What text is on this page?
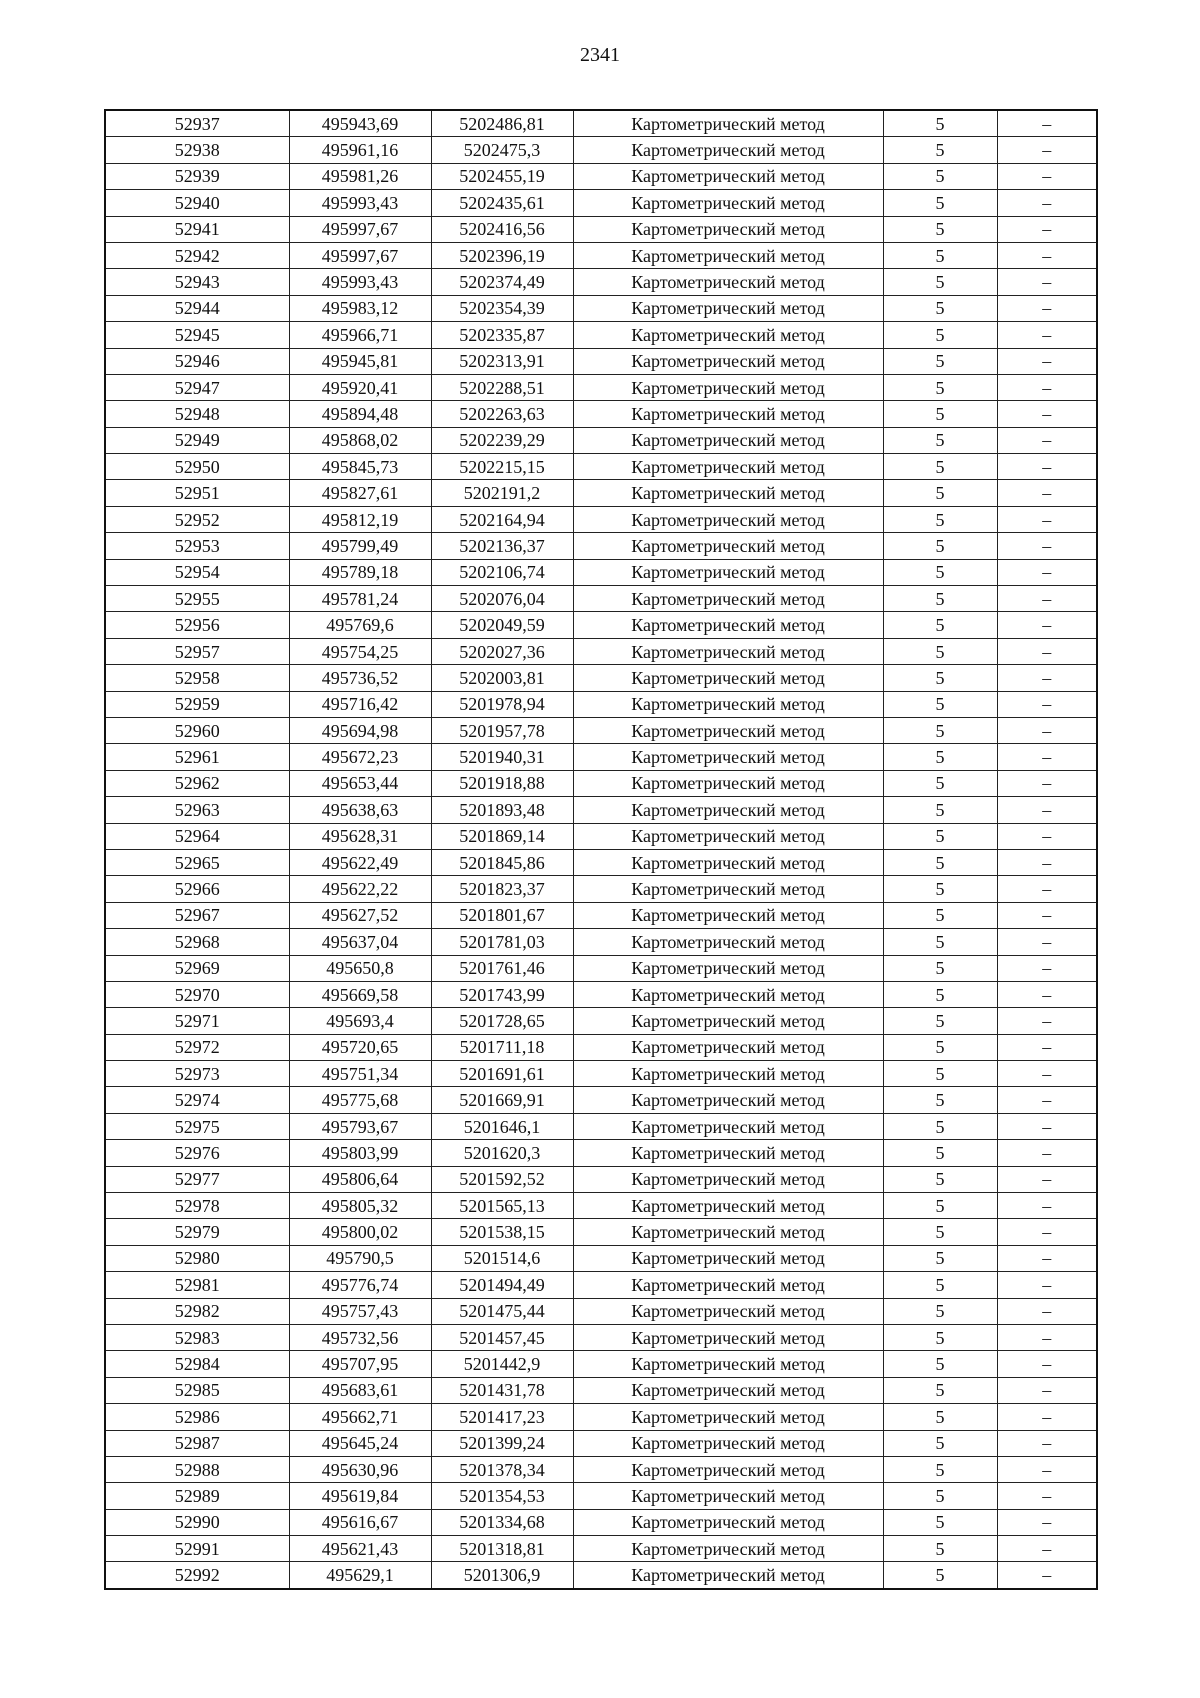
2341
52937	495943,69	5202486,81	Картометрический метод	5	–
52938	495961,16	5202475,3	Картометрический метод	5	–
52939	495981,26	5202455,19	Картометрический метод	5	–
52940	495993,43	5202435,61	Картометрический метод	5	–
52941	495997,67	5202416,56	Картометрический метод	5	–
52942	495997,67	5202396,19	Картометрический метод	5	–
52943	495993,43	5202374,49	Картометрический метод	5	–
52944	495983,12	5202354,39	Картометрический метод	5	–
52945	495966,71	5202335,87	Картометрический метод	5	–
52946	495945,81	5202313,91	Картометрический метод	5	–
52947	495920,41	5202288,51	Картометрический метод	5	–
52948	495894,48	5202263,63	Картометрический метод	5	–
52949	495868,02	5202239,29	Картометрический метод	5	–
52950	495845,73	5202215,15	Картометрический метод	5	–
52951	495827,61	5202191,2	Картометрический метод	5	–
52952	495812,19	5202164,94	Картометрический метод	5	–
52953	495799,49	5202136,37	Картометрический метод	5	–
52954	495789,18	5202106,74	Картометрический метод	5	–
52955	495781,24	5202076,04	Картометрический метод	5	–
52956	495769,6	5202049,59	Картометрический метод	5	–
52957	495754,25	5202027,36	Картометрический метод	5	–
52958	495736,52	5202003,81	Картометрический метод	5	–
52959	495716,42	5201978,94	Картометрический метод	5	–
52960	495694,98	5201957,78	Картометрический метод	5	–
52961	495672,23	5201940,31	Картометрический метод	5	–
52962	495653,44	5201918,88	Картометрический метод	5	–
52963	495638,63	5201893,48	Картометрический метод	5	–
52964	495628,31	5201869,14	Картометрический метод	5	–
52965	495622,49	5201845,86	Картометрический метод	5	–
52966	495622,22	5201823,37	Картометрический метод	5	–
52967	495627,52	5201801,67	Картометрический метод	5	–
52968	495637,04	5201781,03	Картометрический метод	5	–
52969	495650,8	5201761,46	Картометрический метод	5	–
52970	495669,58	5201743,99	Картометрический метод	5	–
52971	495693,4	5201728,65	Картометрический метод	5	–
52972	495720,65	5201711,18	Картометрический метод	5	–
52973	495751,34	5201691,61	Картометрический метод	5	–
52974	495775,68	5201669,91	Картометрический метод	5	–
52975	495793,67	5201646,1	Картометрический метод	5	–
52976	495803,99	5201620,3	Картометрический метод	5	–
52977	495806,64	5201592,52	Картометрический метод	5	–
52978	495805,32	5201565,13	Картометрический метод	5	–
52979	495800,02	5201538,15	Картометрический метод	5	–
52980	495790,5	5201514,6	Картометрический метод	5	–
52981	495776,74	5201494,49	Картометрический метод	5	–
52982	495757,43	5201475,44	Картометрический метод	5	–
52983	495732,56	5201457,45	Картометрический метод	5	–
52984	495707,95	5201442,9	Картометрический метод	5	–
52985	495683,61	5201431,78	Картометрический метод	5	–
52986	495662,71	5201417,23	Картометрический метод	5	–
52987	495645,24	5201399,24	Картометрический метод	5	–
52988	495630,96	5201378,34	Картометрический метод	5	–
52989	495619,84	5201354,53	Картометрический метод	5	–
52990	495616,67	5201334,68	Картометрический метод	5	–
52991	495621,43	5201318,81	Картометрический метод	5	–
52992	495629,1	5201306,9	Картометрический метод	5	–
